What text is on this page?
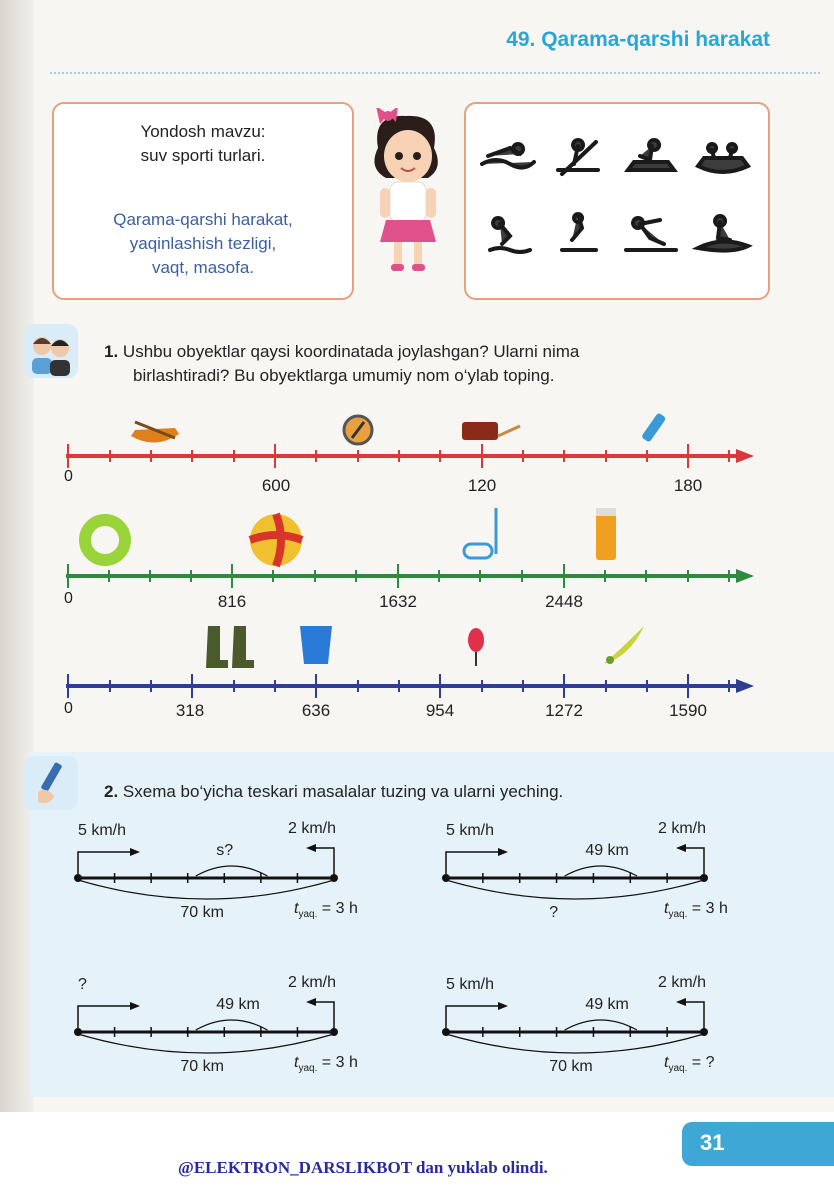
49. Qarama-qarshi harakat
Yondosh mavzu:
suv sporti turlari.
Qarama-qarshi harakat,
yaqinlashish tezligi,
vaqt, masofa.
1. Ushbu obyektlar qaysi koordinatada joylashgan? Ularni nima
birlashtiradi? Bu obyektlarga umumiy nom o‘ylab toping.
0	600	120	180
0	816	1632	2448
0	318	636	954	1272	1590
2. Sxema bo‘yicha teskari masalalar tuzing va ularni yeching.
5 km/h	2 km/h
s?
70 km	$t_{yaq.} = 3$ h
5 km/h	2 km/h
49 km
?	$t_{yaq.} = 3$ h
?	2 km/h
49 km
70 km	$t_{yaq.} = 3$ h
5 km/h	2 km/h
49 km
70 km	$t_{yaq.}$ = ?
31
@ELEKTRON_DARSLIKBOT dan yuklab olindi.
